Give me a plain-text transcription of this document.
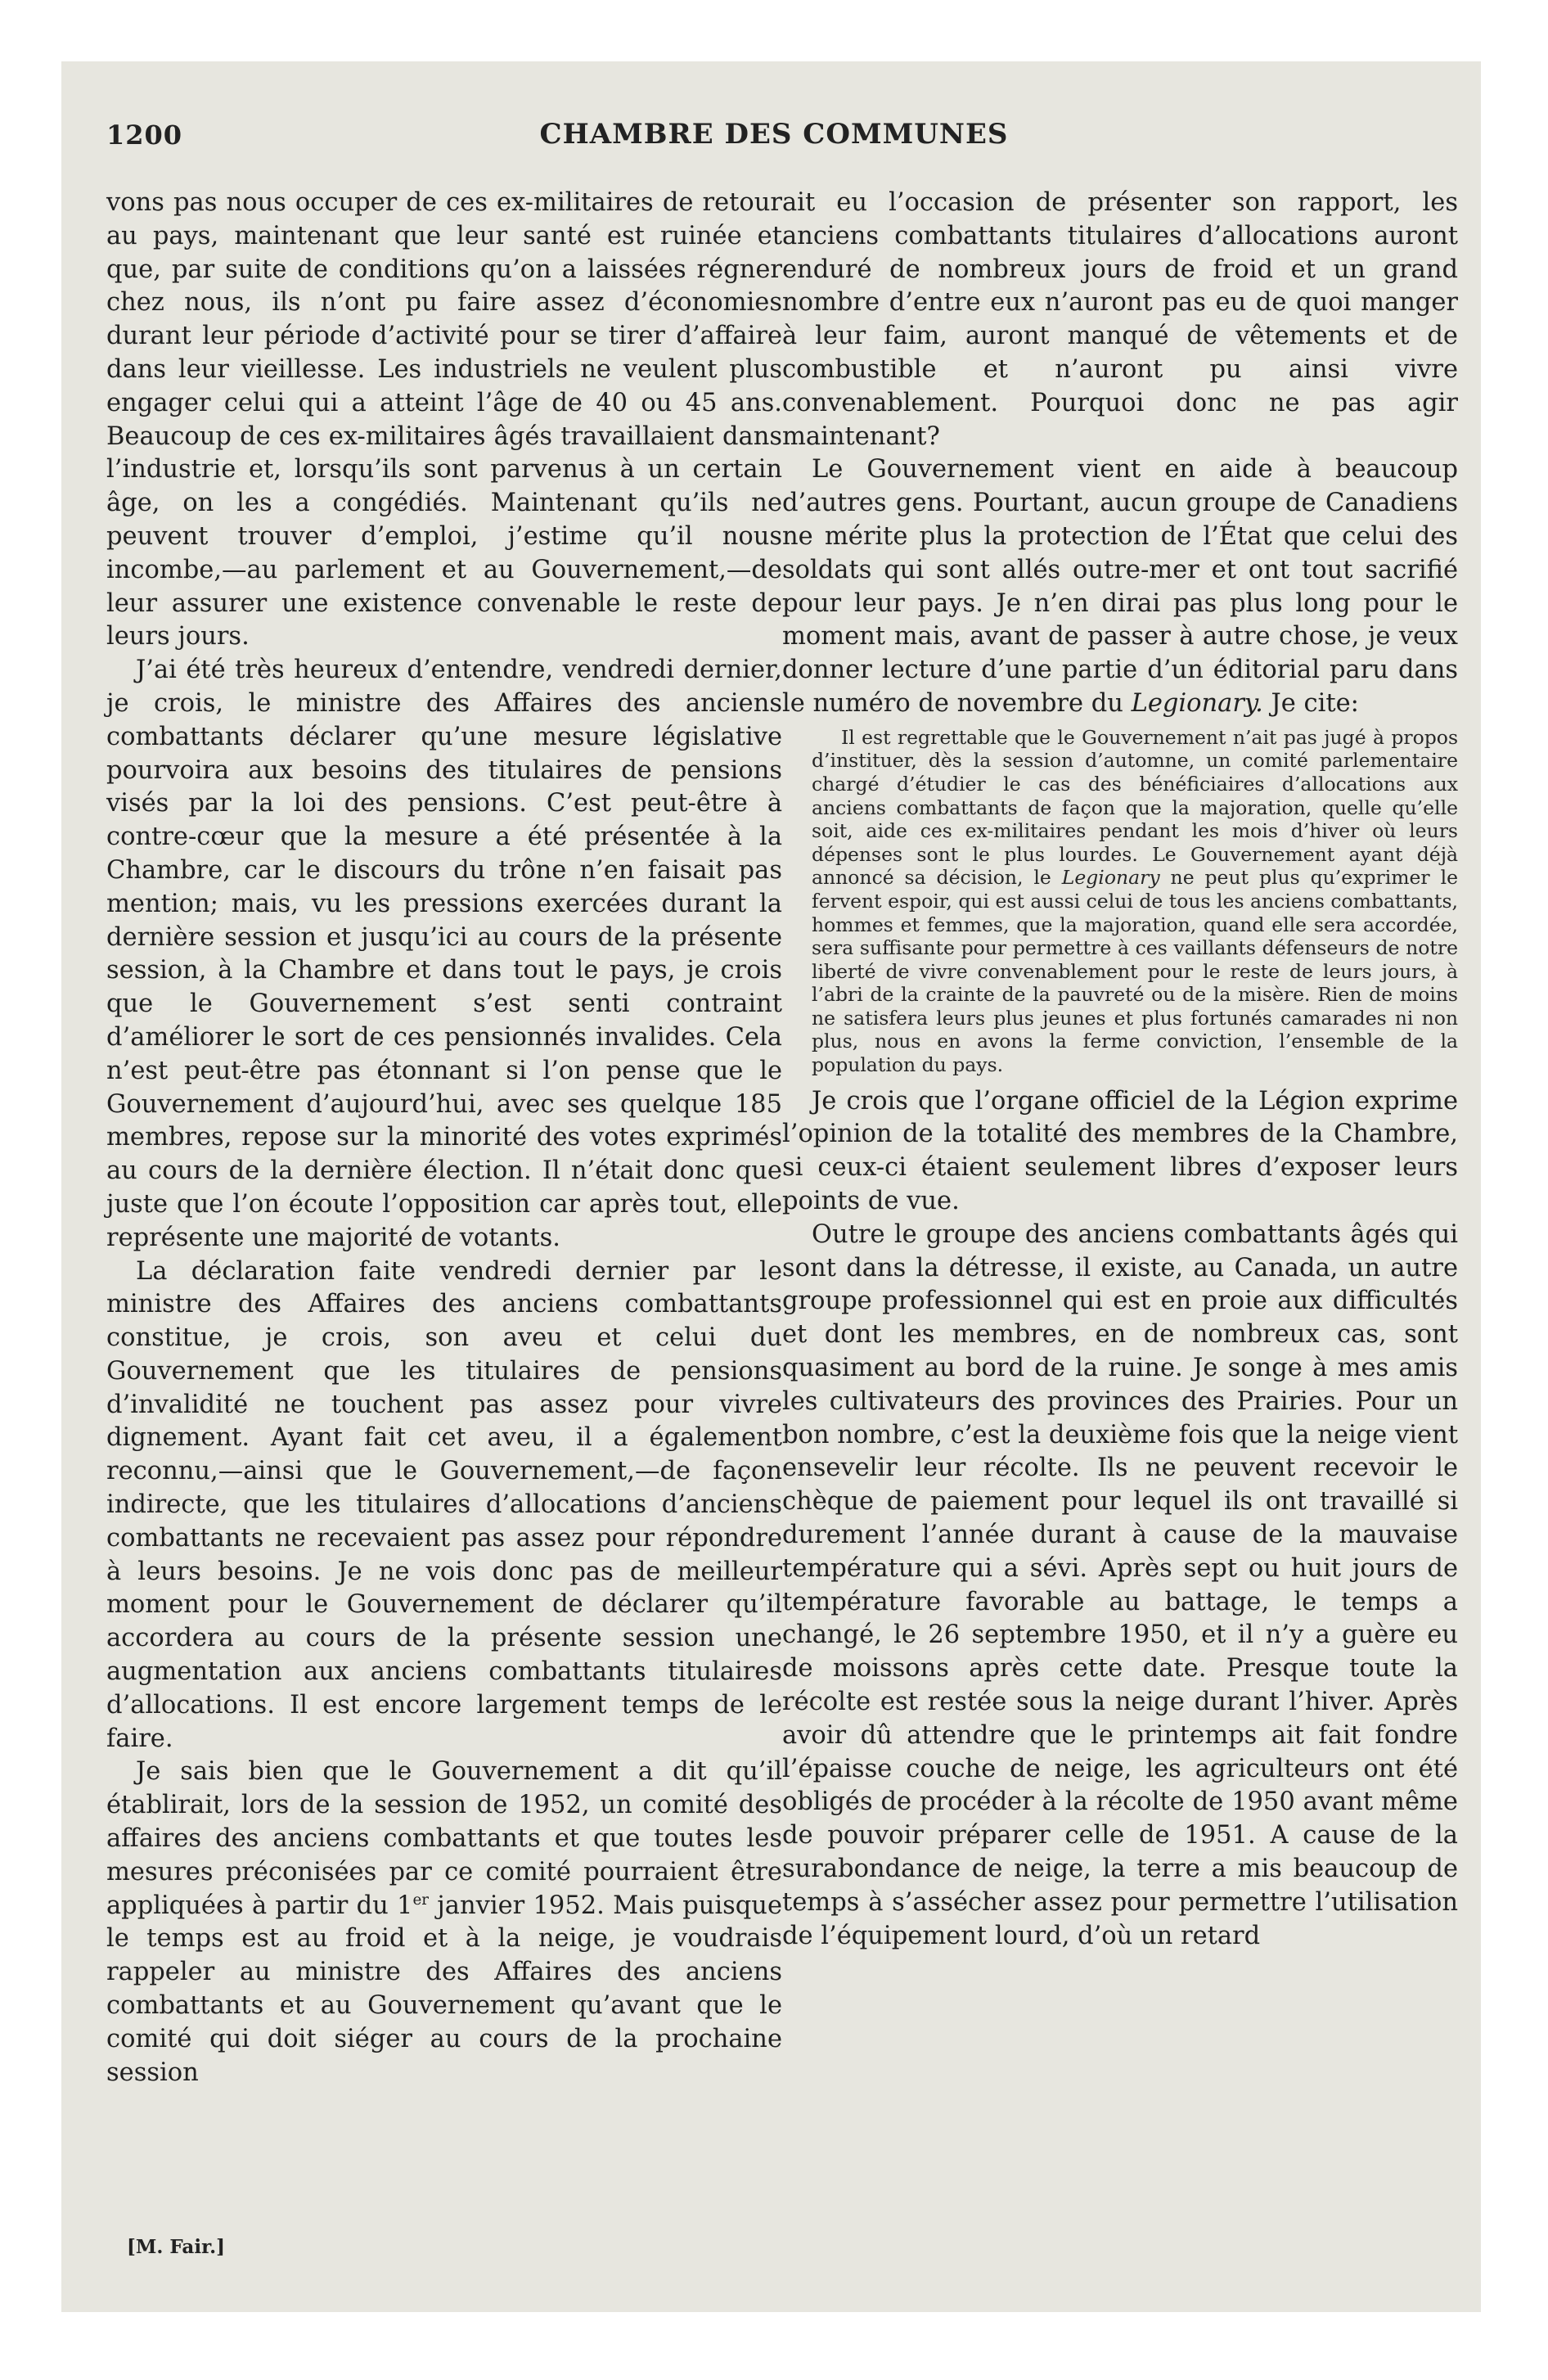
1200	CHAMBRE DES COMMUNES

vons pas nous occuper de ces ex-militaires de retour au pays, maintenant que leur santé est ruinée et que, par suite de conditions qu’on a laissées régner chez nous, ils n’ont pu faire assez d’économies durant leur période d’activité pour se tirer d’affaire dans leur vieillesse. Les industriels ne veulent plus engager celui qui a atteint l’âge de 40 ou 45 ans. Beaucoup de ces ex-militaires âgés travaillaient dans l’industrie et, lorsqu’ils sont parvenus à un certain âge, on les a congédiés. Maintenant qu’ils ne peuvent trouver d’emploi, j’estime qu’il nous incombe,—au parlement et au Gouvernement,—de leur assurer une existence convenable le reste de leurs jours.

J’ai été très heureux d’entendre, vendredi dernier, je crois, le ministre des Affaires des anciens combattants déclarer qu’une mesure législative pourvoira aux besoins des titulaires de pensions visés par la loi des pensions. C’est peut-être à contre-cœur que la mesure a été présentée à la Chambre, car le discours du trône n’en faisait pas mention; mais, vu les pressions exercées durant la dernière session et jusqu’ici au cours de la présente session, à la Chambre et dans tout le pays, je crois que le Gouvernement s’est senti contraint d’améliorer le sort de ces pensionnés invalides. Cela n’est peut-être pas étonnant si l’on pense que le Gouvernement d’aujourd’hui, avec ses quelque 185 membres, repose sur la minorité des votes exprimés au cours de la dernière élection. Il n’était donc que juste que l’on écoute l’opposition car après tout, elle représente une majorité de votants.

La déclaration faite vendredi dernier par le ministre des Affaires des anciens combattants constitue, je crois, son aveu et celui du Gouvernement que les titulaires de pensions d’invalidité ne touchent pas assez pour vivre dignement. Ayant fait cet aveu, il a également reconnu,—ainsi que le Gouvernement,—de façon indirecte, que les titulaires d’allocations d’anciens combattants ne recevaient pas assez pour répondre à leurs besoins. Je ne vois donc pas de meilleur moment pour le Gouvernement de déclarer qu’il accordera au cours de la présente session une augmentation aux anciens combattants titulaires d’allocations. Il est encore largement temps de le faire.

Je sais bien que le Gouvernement a dit qu’il établirait, lors de la session de 1952, un comité des affaires des anciens combattants et que toutes les mesures préconisées par ce comité pourraient être appliquées à partir du 1er janvier 1952. Mais puisque le temps est au froid et à la neige, je voudrais rappeler au ministre des Affaires des anciens combattants et au Gouvernement qu’avant que le comité qui doit siéger au cours de la prochaine session

ait eu l’occasion de présenter son rapport, les anciens combattants titulaires d’allocations auront enduré de nombreux jours de froid et un grand nombre d’entre eux n’auront pas eu de quoi manger à leur faim, auront manqué de vêtements et de combustible et n’auront pu ainsi vivre convenablement. Pourquoi donc ne pas agir maintenant?

Le Gouvernement vient en aide à beaucoup d’autres gens. Pourtant, aucun groupe de Canadiens ne mérite plus la protection de l’État que celui des soldats qui sont allés outre-mer et ont tout sacrifié pour leur pays. Je n’en dirai pas plus long pour le moment mais, avant de passer à autre chose, je veux donner lecture d’une partie d’un éditorial paru dans le numéro de novembre du Legionary. Je cite:

Il est regrettable que le Gouvernement n’ait pas jugé à propos d’instituer, dès la session d’automne, un comité parlementaire chargé d’étudier le cas des bénéficiaires d’allocations aux anciens combattants de façon que la majoration, quelle qu’elle soit, aide ces ex-militaires pendant les mois d’hiver où leurs dépenses sont le plus lourdes. Le Gouvernement ayant déjà annoncé sa décision, le Legionary ne peut plus qu’exprimer le fervent espoir, qui est aussi celui de tous les anciens combattants, hommes et femmes, que la majoration, quand elle sera accordée, sera suffisante pour permettre à ces vaillants défenseurs de notre liberté de vivre convenablement pour le reste de leurs jours, à l’abri de la crainte de la pauvreté ou de la misère. Rien de moins ne satisfera leurs plus jeunes et plus fortunés camarades ni non plus, nous en avons la ferme conviction, l’ensemble de la population du pays.

Je crois que l’organe officiel de la Légion exprime l’opinion de la totalité des membres de la Chambre, si ceux-ci étaient seulement libres d’exposer leurs points de vue.

Outre le groupe des anciens combattants âgés qui sont dans la détresse, il existe, au Canada, un autre groupe professionnel qui est en proie aux difficultés et dont les membres, en de nombreux cas, sont quasiment au bord de la ruine. Je songe à mes amis les cultivateurs des provinces des Prairies. Pour un bon nombre, c’est la deuxième fois que la neige vient ensevelir leur récolte. Ils ne peuvent recevoir le chèque de paiement pour lequel ils ont travaillé si durement l’année durant à cause de la mauvaise température qui a sévi. Après sept ou huit jours de température favorable au battage, le temps a changé, le 26 septembre 1950, et il n’y a guère eu de moissons après cette date. Presque toute la récolte est restée sous la neige durant l’hiver. Après avoir dû attendre que le printemps ait fait fondre l’épaisse couche de neige, les agriculteurs ont été obligés de procéder à la récolte de 1950 avant même de pouvoir préparer celle de 1951. A cause de la surabondance de neige, la terre a mis beaucoup de temps à s’assécher assez pour permettre l’utilisation de l’équipement lourd, d’où un retard

[M. Fair.]
